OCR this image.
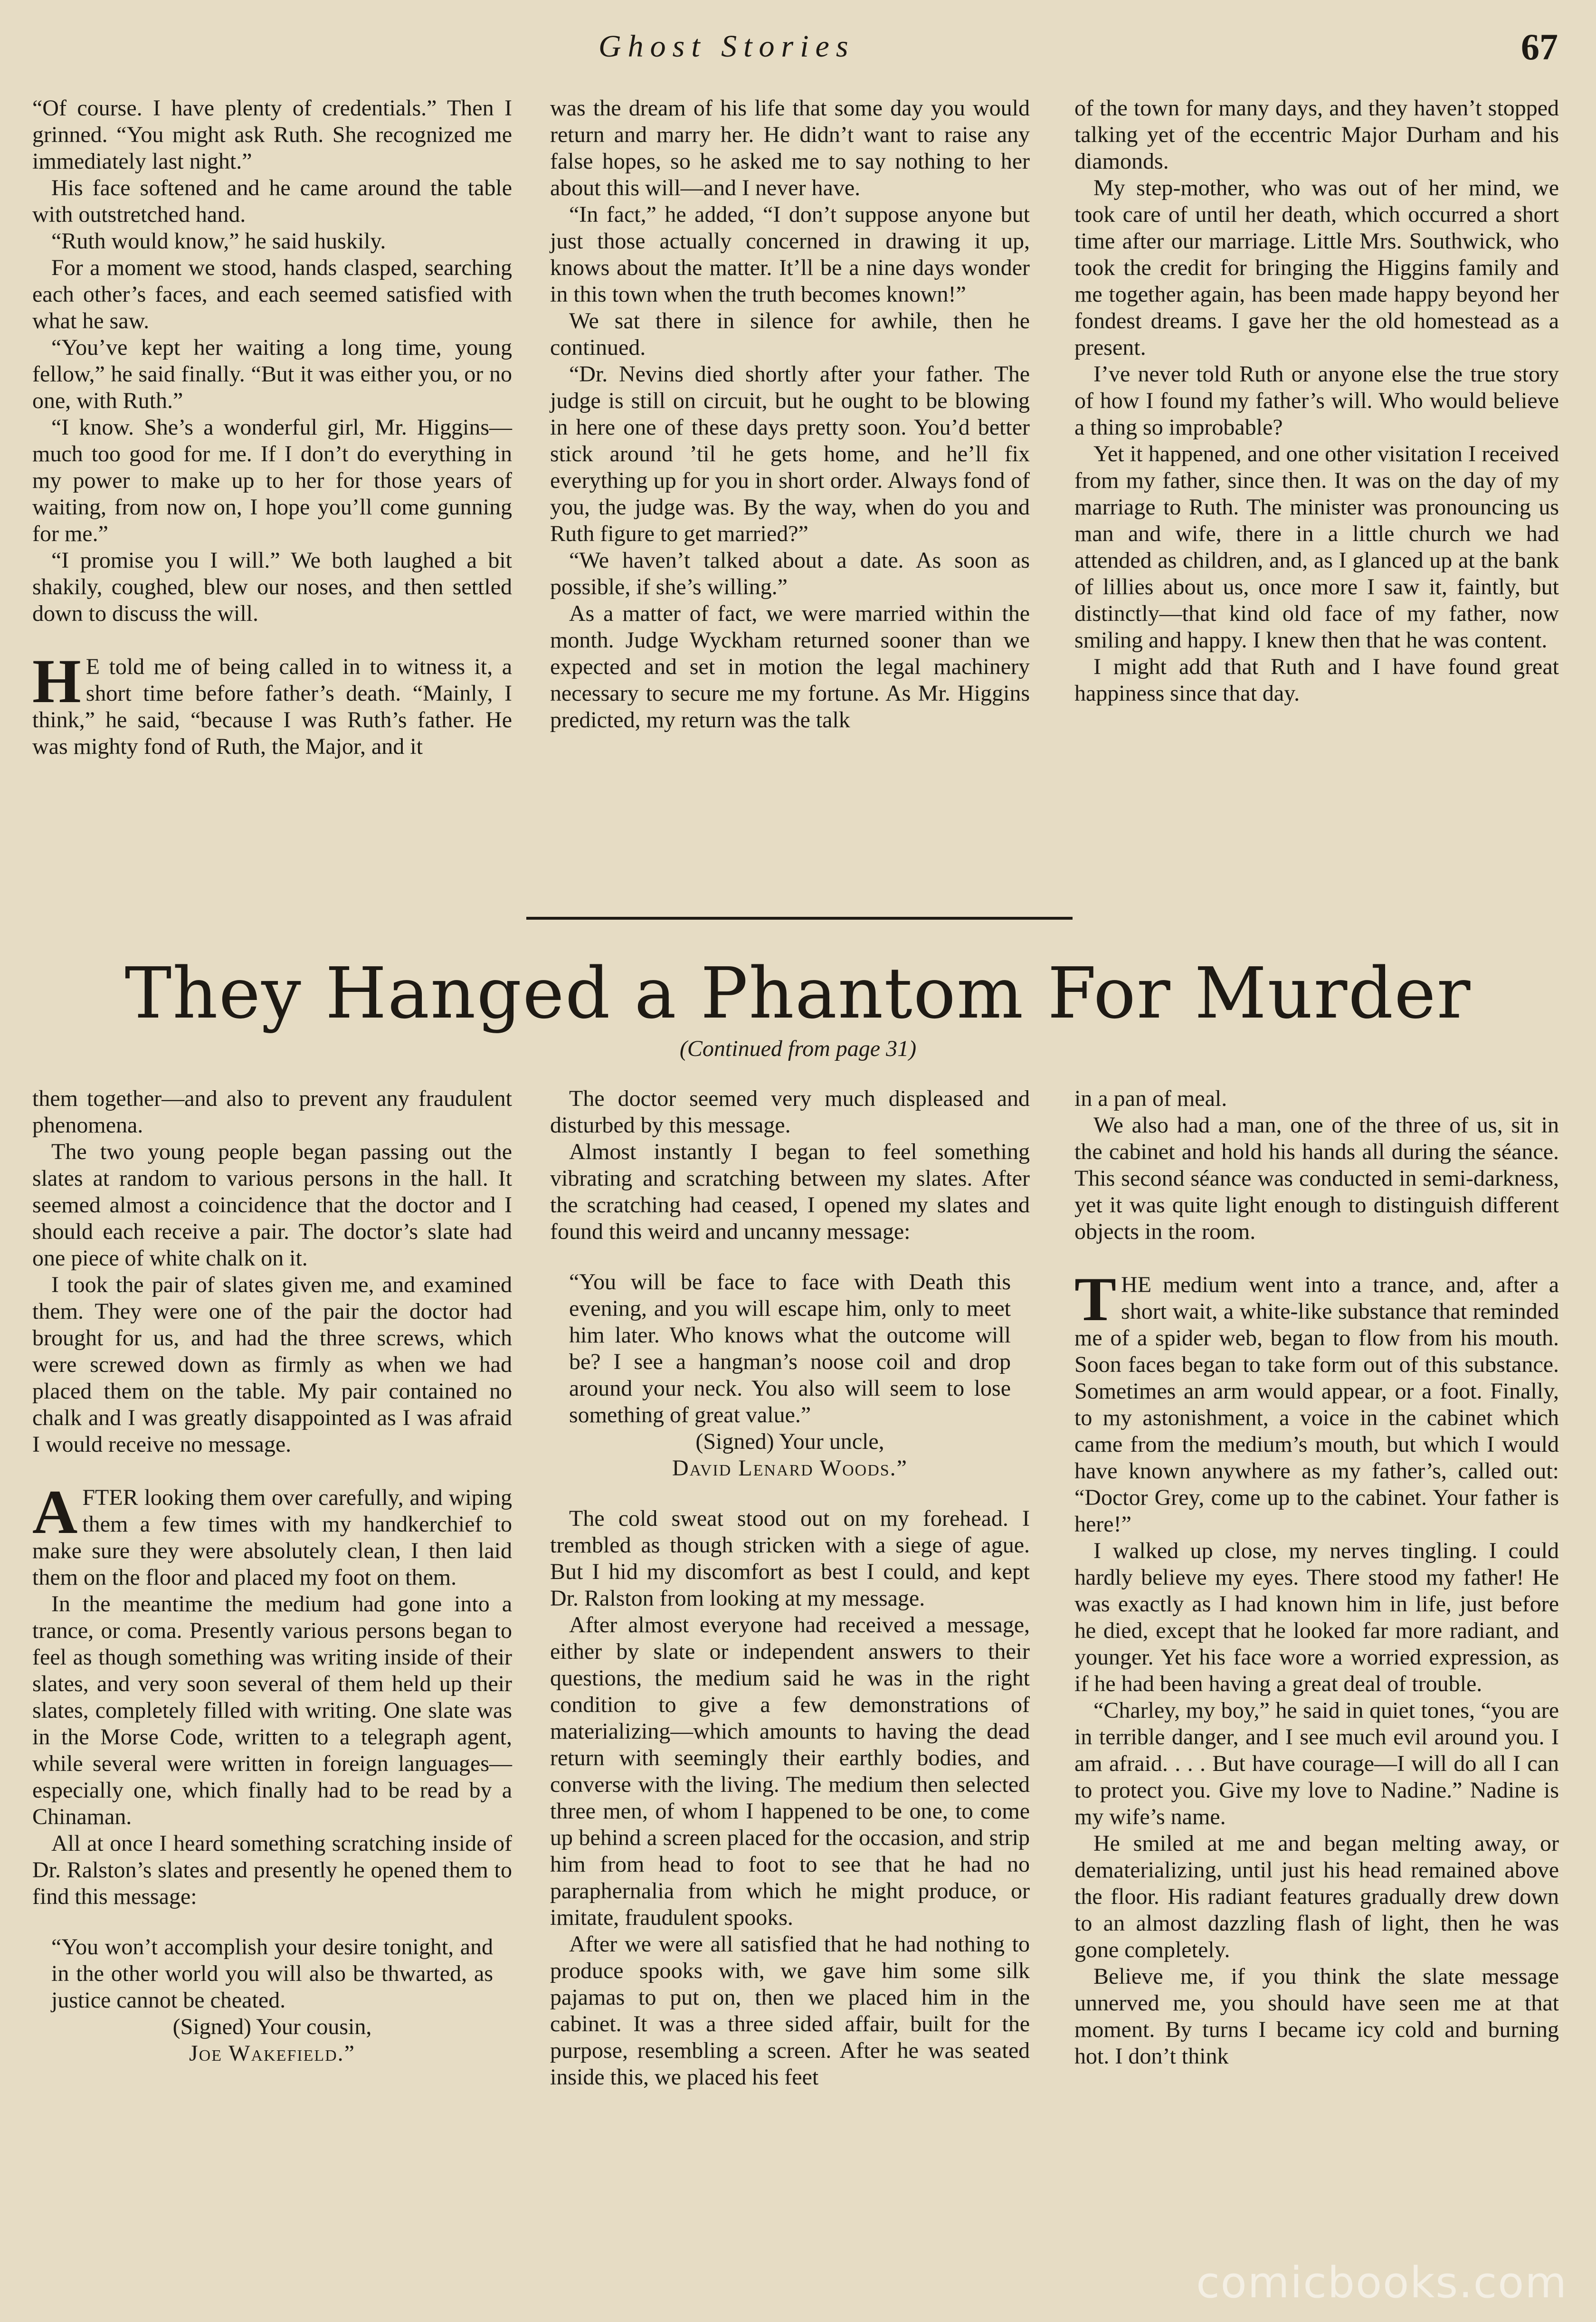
Ghost Stories	67

“Of course. I have plenty of credentials.” Then I grinned. “You might ask Ruth. She recognized me immediately last night.”

His face softened and he came around the table with outstretched hand.

“Ruth would know,” he said huskily.

For a moment we stood, hands clasped, searching each other’s faces, and each seemed satisfied with what he saw.

“You’ve kept her waiting a long time, young fellow,” he said finally. “But it was either you, or no one, with Ruth.”

“I know. She’s a wonderful girl, Mr. Higgins—much too good for me. If I don’t do everything in my power to make up to her for those years of waiting, from now on, I hope you’ll come gunning for me.”

“I promise you I will.” We both laughed a bit shakily, coughed, blew our noses, and then settled down to discuss the will.

H E told me of being called in to witness it, a short time before father’s death. “Mainly, I think,” he said, “because I was Ruth’s father. He was mighty fond of Ruth, the Major, and it

was the dream of his life that some day you would return and marry her. He didn’t want to raise any false hopes, so he asked me to say nothing to her about this will—and I never have.

“In fact,” he added, “I don’t suppose anyone but just those actually concerned in drawing it up, knows about the matter. It’ll be a nine days wonder in this town when the truth becomes known!”

We sat there in silence for awhile, then he continued.

“Dr. Nevins died shortly after your father. The judge is still on circuit, but he ought to be blowing in here one of these days pretty soon. You’d better stick around ’til he gets home, and he’ll fix everything up for you in short order. Always fond of you, the judge was. By the way, when do you and Ruth figure to get married?”

“We haven’t talked about a date. As soon as possible, if she’s willing.”

As a matter of fact, we were married within the month. Judge Wyckham returned sooner than we expected and set in motion the legal machinery necessary to secure me my fortune. As Mr. Higgins predicted, my return was the talk

of the town for many days, and they haven’t stopped talking yet of the eccentric Major Durham and his diamonds.

My step-mother, who was out of her mind, we took care of until her death, which occurred a short time after our marriage. Little Mrs. Southwick, who took the credit for bringing the Higgins family and me together again, has been made happy beyond her fondest dreams. I gave her the old homestead as a present.

I’ve never told Ruth or anyone else the true story of how I found my father’s will. Who would believe a thing so improbable?

Yet it happened, and one other visitation I received from my father, since then. It was on the day of my marriage to Ruth. The minister was pronouncing us man and wife, there in a little church we had attended as children, and, as I glanced up at the bank of lillies about us, once more I saw it, faintly, but distinctly—that kind old face of my father, now smiling and happy. I knew then that he was content.

I might add that Ruth and I have found great happiness since that day.

They Hanged a Phantom For Murder
(Continued from page 31)

them together—and also to prevent any fraudulent phenomena.

The two young people began passing out the slates at random to various persons in the hall. It seemed almost a coincidence that the doctor and I should each receive a pair. The doctor’s slate had one piece of white chalk on it.

I took the pair of slates given me, and examined them. They were one of the pair the doctor had brought for us, and had the three screws, which were screwed down as firmly as when we had placed them on the table. My pair contained no chalk and I was greatly disappointed as I was afraid I would receive no message.

AFTER looking them over carefully, and wiping them a few times with my handkerchief to make sure they were absolutely clean, I then laid them on the floor and placed my foot on them.

In the meantime the medium had gone into a trance, or coma. Presently various persons began to feel as though something was writing inside of their slates, and very soon several of them held up their slates, completely filled with writing. One slate was in the Morse Code, written to a telegraph agent, while several were written in foreign languages—especially one, which finally had to be read by a Chinaman.

All at once I heard something scratching inside of Dr. Ralston’s slates and presently he opened them to find this message:

“You won’t accomplish your desire tonight, and in the other world you will also be thwarted, as justice cannot be cheated.

(Signed) Your cousin,

Joe Wakefield.”

The doctor seemed very much displeased and disturbed by this message.

Almost instantly I began to feel something vibrating and scratching between my slates. After the scratching had ceased, I opened my slates and found this weird and uncanny message:

“You will be face to face with Death this evening, and you will escape him, only to meet him later. Who knows what the outcome will be? I see a hangman’s noose coil and drop around your neck. You also will seem to lose something of great value.”

(Signed) Your uncle,

David Lenard Woods.”

The cold sweat stood out on my forehead. I trembled as though stricken with a siege of ague. But I hid my discomfort as best I could, and kept Dr. Ralston from looking at my message.

After almost everyone had received a message, either by slate or independent answers to their questions, the medium said he was in the right condition to give a few demonstrations of materializing—which amounts to having the dead return with seemingly their earthly bodies, and converse with the living. The medium then selected three men, of whom I happened to be one, to come up behind a screen placed for the occasion, and strip him from head to foot to see that he had no paraphernalia from which he might produce, or imitate, fraudulent spooks.

After we were all satisfied that he had nothing to produce spooks with, we gave him some silk pajamas to put on, then we placed him in the cabinet. It was a three sided affair, built for the purpose, resembling a screen. After he was seated inside this, we placed his feet

in a pan of meal.

We also had a man, one of the three of us, sit in the cabinet and hold his hands all during the séance. This second séance was conducted in semi-darkness, yet it was quite light enough to distinguish different objects in the room.

THE medium went into a trance, and, after a short wait, a white-like substance that reminded me of a spider web, began to flow from his mouth. Soon faces began to take form out of this substance. Sometimes an arm would appear, or a foot. Finally, to my astonishment, a voice in the cabinet which came from the medium’s mouth, but which I would have known anywhere as my father’s, called out: “Doctor Grey, come up to the cabinet. Your father is here!”

I walked up close, my nerves tingling. I could hardly believe my eyes. There stood my father! He was exactly as I had known him in life, just before he died, except that he looked far more radiant, and younger. Yet his face wore a worried expression, as if he had been having a great deal of trouble.

“Charley, my boy,” he said in quiet tones, “you are in terrible danger, and I see much evil around you. I am afraid. . . . But have courage—I will do all I can to protect you. Give my love to Nadine.” Nadine is my wife’s name.

He smiled at me and began melting away, or dematerializing, until just his head remained above the floor. His radiant features gradually drew down to an almost dazzling flash of light, then he was gone completely.

Believe me, if you think the slate message unnerved me, you should have seen me at that moment. By turns I became icy cold and burning hot. I don’t think

comicbooks.com
